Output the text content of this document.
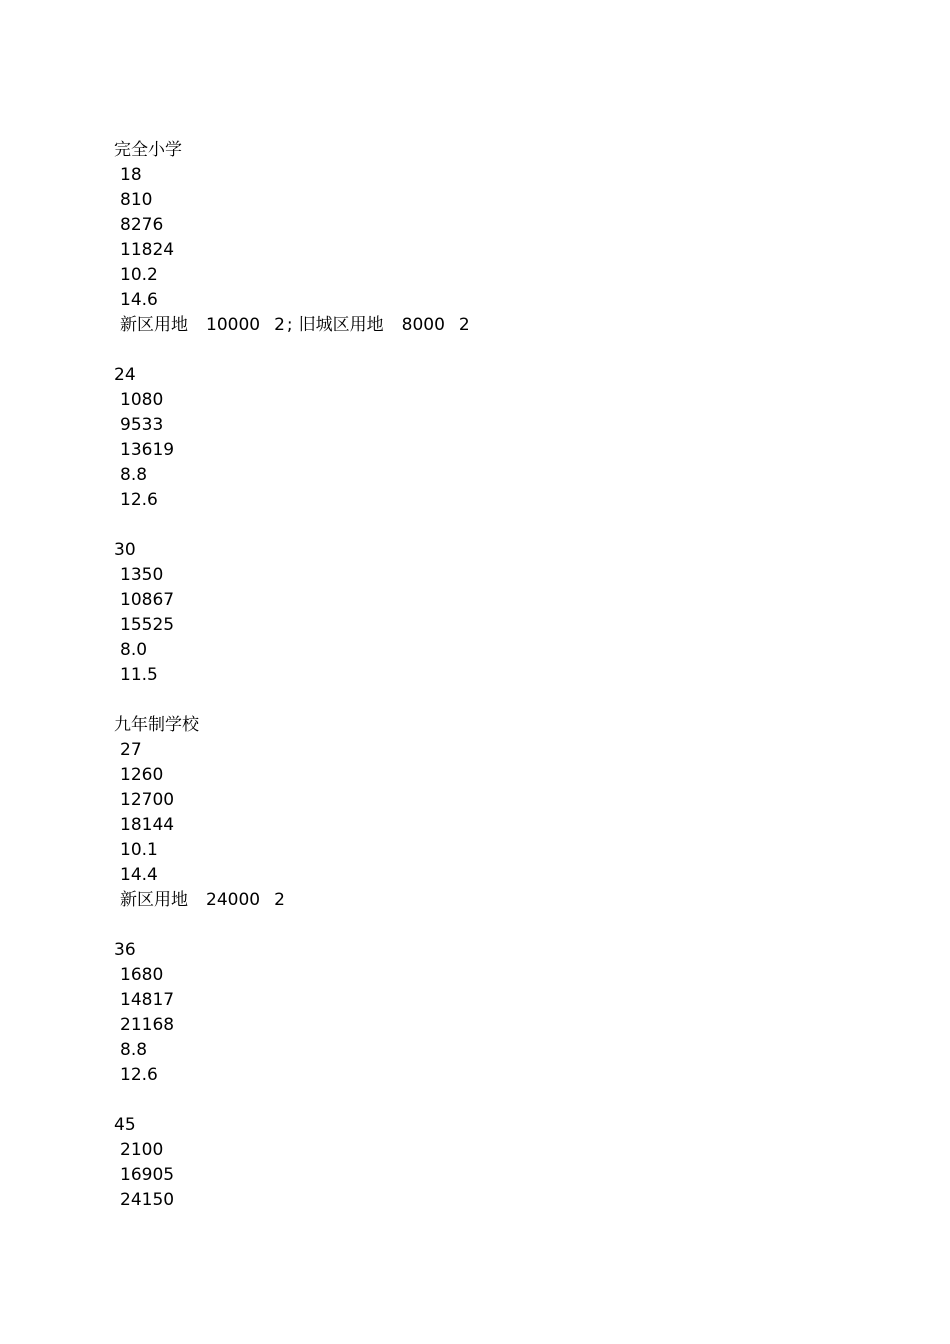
完全小学
18
810
8276
11824
10.2
14.6
新区用地 10000 2 ; 旧城区用地 8000 2
24
1080
9533
13619
8.8
12.6
30
1350
10867
15525
8.0
11.5
九年制学校
27
1260
12700
18144
10.1
14.4
新区用地 24000 2
36
1680
14817
21168
8.8
12.6
45
2100
16905
24150
